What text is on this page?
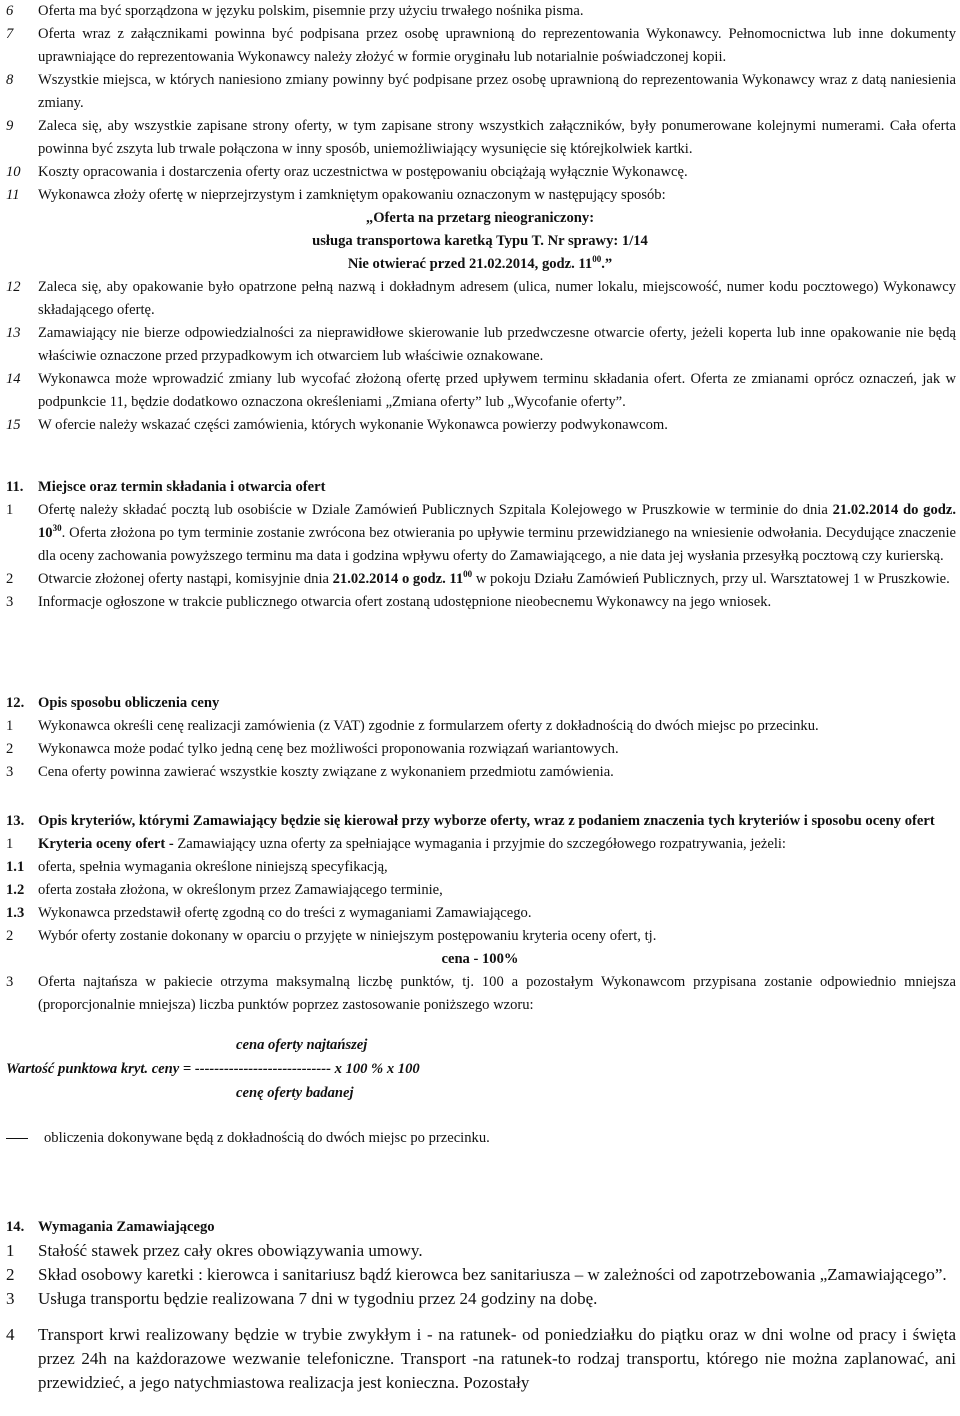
6 Oferta ma być sporządzona w języku polskim, pisemnie przy użyciu trwałego nośnika pisma.
7 Oferta wraz z załącznikami powinna być podpisana przez osobę uprawnioną do reprezentowania Wykonawcy. Pełnomocnictwa lub inne dokumenty uprawniające do reprezentowania Wykonawcy należy złożyć w formie oryginału lub notarialnie poświadczonej kopii.
8 Wszystkie miejsca, w których naniesiono zmiany powinny być podpisane przez osobę uprawnioną do reprezentowania Wykonawcy wraz z datą naniesienia zmiany.
9 Zaleca się, aby wszystkie zapisane strony oferty, w tym zapisane strony wszystkich załączników, były ponumerowane kolejnymi numerami. Cała oferta powinna być zszyta lub trwale połączona w inny sposób, uniemożliwiający wysunięcie się którejkolwiek kartki.
10 Koszty opracowania i dostarczenia oferty oraz uczestnictwa w postępowaniu obciążają wyłącznie Wykonawcę.
11 Wykonawca złoży ofertę w nieprzejrzystym i zamkniętym opakowaniu oznaczonym w następujący sposób:
„Oferta na przetarg nieograniczony:
usługa transportowa karetką Typu T. Nr sprawy: 1/14
Nie otwierać przed 21.02.2014, godz. $11^{00}$.”
12 Zaleca się, aby opakowanie było opatrzone pełną nazwą i dokładnym adresem (ulica, numer lokalu, miejscowość, numer kodu pocztowego) Wykonawcy składającego ofertę.
13 Zamawiający nie bierze odpowiedzialności za nieprawidłowe skierowanie lub przedwczesne otwarcie oferty, jeżeli koperta lub inne opakowanie nie będą właściwie oznaczone przed przypadkowym ich otwarciem lub właściwie oznakowane.
14 Wykonawca może wprowadzić zmiany lub wycofać złożoną ofertę przed upływem terminu składania ofert. Oferta ze zmianami oprócz oznaczeń, jak w podpunkcie 11, będzie dodatkowo oznaczona określeniami „Zmiana oferty” lub „Wycofanie oferty”.
15 W ofercie należy wskazać części zamówienia, których wykonanie Wykonawca powierzy podwykonawcom.
11. Miejsce oraz termin składania i otwarcia ofert
1 Ofertę należy składać pocztą lub osobiście w Dziale Zamówień Publicznych Szpitala Kolejowego w Pruszkowie w terminie do dnia 21.02.2014 do godz. $10^{30}$. Oferta złożona po tym terminie zostanie zwrócona bez otwierania po upływie terminu przewidzianego na wniesienie odwołania. Decydujące znaczenie dla oceny zachowania powyższego terminu ma data i godzina wpływu oferty do Zamawiającego, a nie data jej wysłania przesyłką pocztową czy kurierską.
2 Otwarcie złożonej oferty nastąpi, komisyjnie dnia 21.02.2014 o godz. $11^{00}$ w pokoju Działu Zamówień Publicznych, przy ul. Warsztatowej 1 w Pruszkowie.
3 Informacje ogłoszone w trakcie publicznego otwarcia ofert zostaną udostępnione nieobecnemu Wykonawcy na jego wniosek.
12. Opis sposobu obliczenia ceny
1 Wykonawca określi cenę realizacji zamówienia (z VAT) zgodnie z formularzem oferty z dokładnością do dwóch miejsc po przecinku.
2 Wykonawca może podać tylko jedną cenę bez możliwości proponowania rozwiązań wariantowych.
3 Cena oferty powinna zawierać wszystkie koszty związane z wykonaniem przedmiotu zamówienia.
13. Opis kryteriów, którymi Zamawiający będzie się kierował przy wyborze oferty, wraz z podaniem znaczenia tych kryteriów i sposobu oceny ofert
1 Kryteria oceny ofert - Zamawiający uzna oferty za spełniające wymagania i przyjmie do szczegółowego rozpatrywania, jeżeli:
1.1 oferta, spełnia wymagania określone niniejszą specyfikacją,
1.2 oferta została złożona, w określonym przez Zamawiającego terminie,
1.3 Wykonawca przedstawił ofertę zgodną co do treści z wymaganiami Zamawiającego.
2 Wybór oferty zostanie dokonany w oparciu o przyjęte w niniejszym postępowaniu kryteria oceny ofert, tj.
cena - 100%
3 Oferta najtańsza w pakiecie otrzyma maksymalną liczbę punktów, tj. 100 a pozostałym Wykonawcom przypisana zostanie odpowiednio mniejsza (proporcjonalnie mniejsza) liczba punktów poprzez zastosowanie poniższego wzoru:
cena oferty najtańszej
Wartość punktowa kryt. ceny = ---------------------------- x 100 % x 100
cenę oferty badanej
obliczenia dokonywane będą z dokładnością do dwóch miejsc po przecinku.
14. Wymagania Zamawiającego
1 Stałość stawek przez cały okres obowiązywania umowy.
2 Skład osobowy karetki : kierowca i sanitariusz bądź kierowca bez sanitariusza – w zależności od zapotrzebowania „Zamawiającego”.
3 Usługa transportu będzie realizowana 7 dni w tygodniu przez 24 godziny na dobę.
4 Transport krwi realizowany będzie w trybie zwykłym i - na ratunek- od poniedziałku do piątku oraz w dni wolne od pracy i święta przez 24h na każdorazowe wezwanie telefoniczne. Transport -na ratunek-to rodzaj transportu, którego nie można zaplanować, ani przewidzieć, a jego natychmiastowa realizacja jest konieczna. Pozostały
